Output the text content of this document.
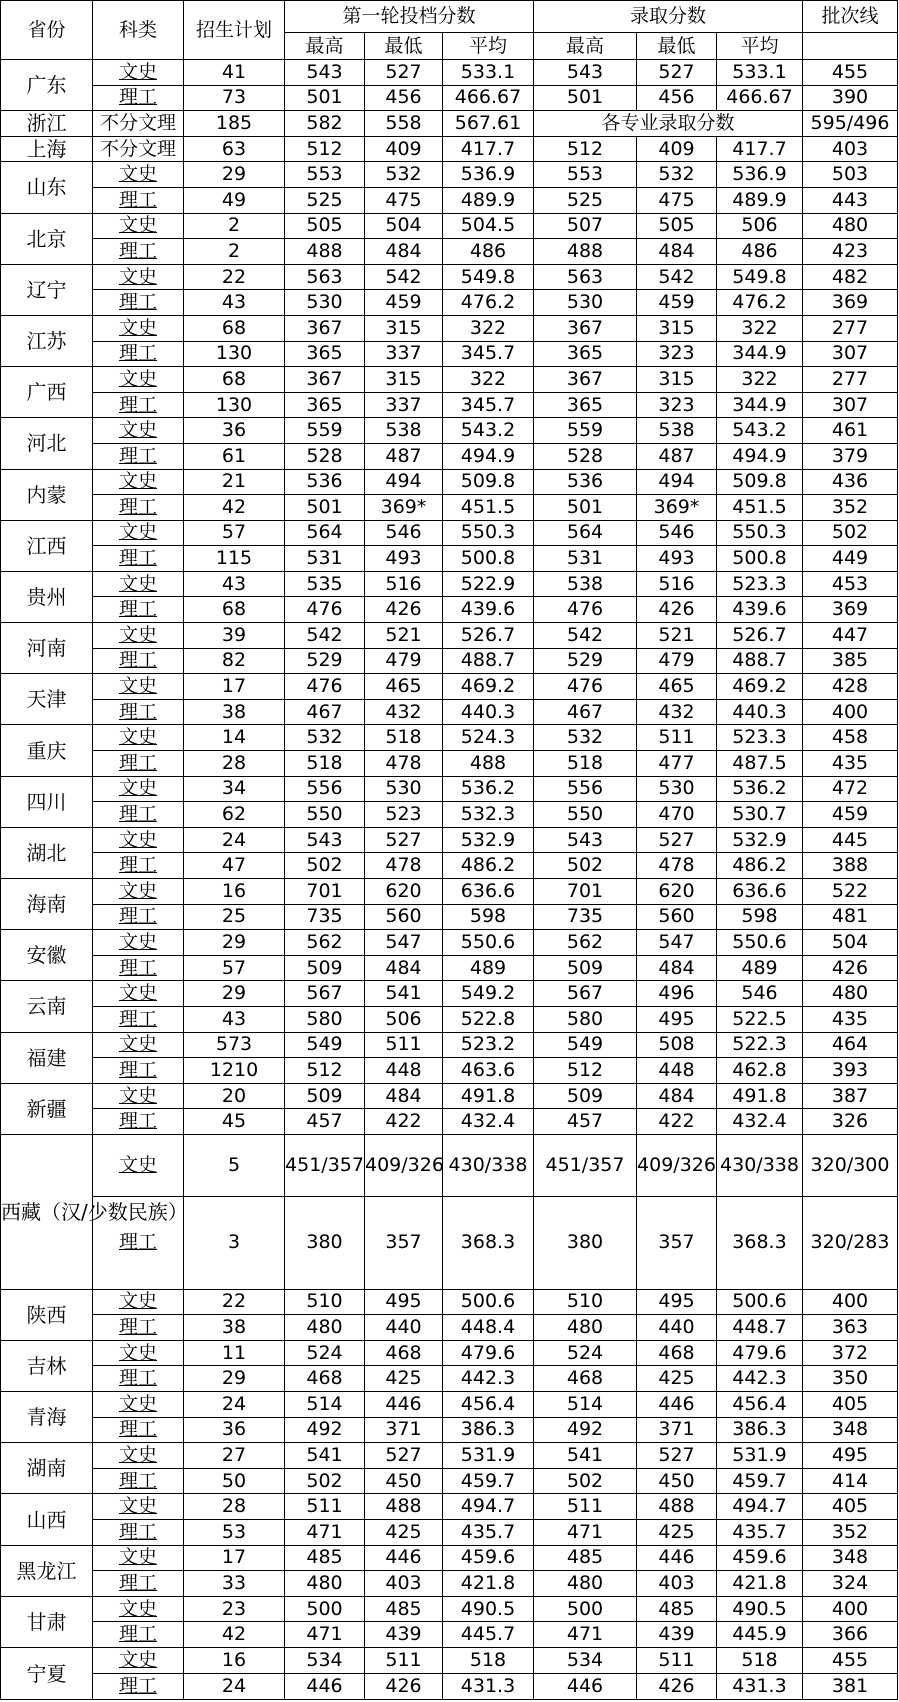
省份	科类	招生计划	第一轮投档分数			录取分数			批次线
			最高	最低	平均	最高	最低	平均	
广东	文史	41	543	527	533.1	543	527	533.1	455
	理工	73	501	456	466.67	501	456	466.67	390
浙江	不分文理	185	582	558	567.61	各专业录取分数			595/496
上海	不分文理	63	512	409	417.7	512	409	417.7	403
山东	文史	29	553	532	536.9	553	532	536.9	503
	理工	49	525	475	489.9	525	475	489.9	443
北京	文史	2	505	504	504.5	507	505	506	480
	理工	2	488	484	486	488	484	486	423
辽宁	文史	22	563	542	549.8	563	542	549.8	482
	理工	43	530	459	476.2	530	459	476.2	369
江苏	文史	68	367	315	322	367	315	322	277
	理工	130	365	337	345.7	365	323	344.9	307
广西	文史	68	367	315	322	367	315	322	277
	理工	130	365	337	345.7	365	323	344.9	307
河北	文史	36	559	538	543.2	559	538	543.2	461
	理工	61	528	487	494.9	528	487	494.9	379
内蒙	文史	21	536	494	509.8	536	494	509.8	436
	理工	42	501	369*	451.5	501	369*	451.5	352
江西	文史	57	564	546	550.3	564	546	550.3	502
	理工	115	531	493	500.8	531	493	500.8	449
贵州	文史	43	535	516	522.9	538	516	523.3	453
	理工	68	476	426	439.6	476	426	439.6	369
河南	文史	39	542	521	526.7	542	521	526.7	447
	理工	82	529	479	488.7	529	479	488.7	385
天津	文史	17	476	465	469.2	476	465	469.2	428
	理工	38	467	432	440.3	467	432	440.3	400
重庆	文史	14	532	518	524.3	532	511	523.3	458
	理工	28	518	478	488	518	477	487.5	435
四川	文史	34	556	530	536.2	556	530	536.2	472
	理工	62	550	523	532.3	550	470	530.7	459
湖北	文史	24	543	527	532.9	543	527	532.9	445
	理工	47	502	478	486.2	502	478	486.2	388
海南	文史	16	701	620	636.6	701	620	636.6	522
	理工	25	735	560	598	735	560	598	481
安徽	文史	29	562	547	550.6	562	547	550.6	504
	理工	57	509	484	489	509	484	489	426
云南	文史	29	567	541	549.2	567	496	546	480
	理工	43	580	506	522.8	580	495	522.5	435
福建	文史	573	549	511	523.2	549	508	522.3	464
	理工	1210	512	448	463.6	512	448	462.8	393
新疆	文史	20	509	484	491.8	509	484	491.8	387
	理工	45	457	422	432.4	457	422	432.4	326
西藏（汉/少数民族）	文史	5	451/357	409/326	430/338	451/357	409/326	430/338	320/300
	理工	3	380	357	368.3	380	357	368.3	320/283
陕西	文史	22	510	495	500.6	510	495	500.6	400
	理工	38	480	440	448.4	480	440	448.7	363
吉林	文史	11	524	468	479.6	524	468	479.6	372
	理工	29	468	425	442.3	468	425	442.3	350
青海	文史	24	514	446	456.4	514	446	456.4	405
	理工	36	492	371	386.3	492	371	386.3	348
湖南	文史	27	541	527	531.9	541	527	531.9	495
	理工	50	502	450	459.7	502	450	459.7	414
山西	文史	28	511	488	494.7	511	488	494.7	405
	理工	53	471	425	435.7	471	425	435.7	352
黑龙江	文史	17	485	446	459.6	485	446	459.6	348
	理工	33	480	403	421.8	480	403	421.8	324
甘肃	文史	23	500	485	490.5	500	485	490.5	400
	理工	42	471	439	445.7	471	439	445.9	366
宁夏	文史	16	534	511	518	534	511	518	455
	理工	24	446	426	431.3	446	426	431.3	381
